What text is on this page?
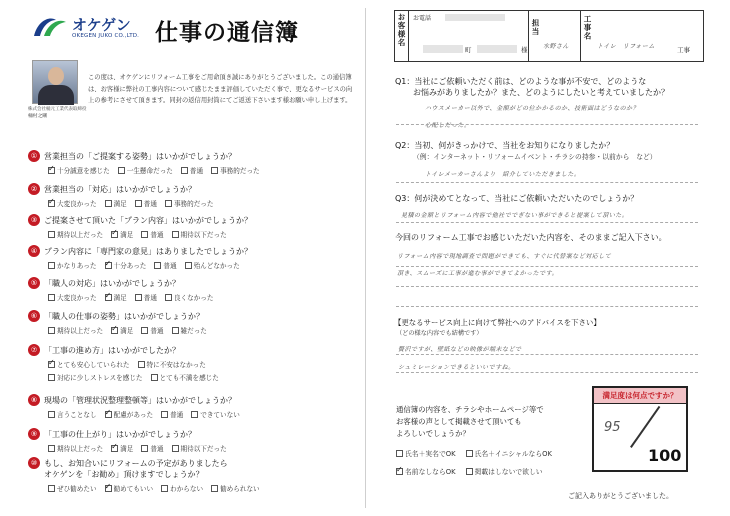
オケゲン
OKEGEN JUKO CO.,LTD. 仕事の通信簿
株式会社桶元工業代表取締役
桶村之剛
この度は、オケゲンにリフォーム工事をご用命頂き誠にありがとうございました。この通信簿は、お客様に弊社の工事内容について感じたまま評価していただく事で、更なるサービスの向上の参考にさせて頂きます。同封の返信用封筒にてご返送下さいます様お願い申し上げます。
① 営業担当の「ご提案する姿勢」はいかがでしょうか？
✓
十分誠意を感じた	一生懸命だった	普通	事務的だった
② 営業担当の「対応」はいかがでしょうか？
✓
大変良かった	満足	普通	事務的だった
③ ご提案させて頂いた「プラン内容」はいかがでしょうか？
期待以上だった ✓	満足	普通	期待以下だった
④ プラン内容に「専門家の意見」はありましたでしょうか？
かなりあった ✓	十分あった	普通	殆んどなかった
⑤ 「職人の対応」はいかがでしょうか？
大変良かった ✓	満足	普通	良くなかった
⑥ 「職人の仕事の姿勢」はいかがでしょうか？
期待以上だった ✓	満足	普通	雑だった
⑦ 「工事の進め方」はいかがでしたか？
✓
とても安心していられた	特に不安はなかった
対応に少しストレスを感じた	とても不満を感じた
⑧ 現場の「管理状況整理整頓等」はいかがでしょうか？
言うことなし ✓	配慮があった	普通	できていない
⑨ 「工事の仕上がり」はいかがでしょうか？
期待以上だった ✓	満足	普通	期待以下だった
⑩ もし、お知合いにリフォームの予定がありましたら
オケゲンを「お勧め」頂けますでしょうか？
ぜひ勧めたい ✓	勧めてもいい	わからない	勧められない
お客様名	お電話
町	様
担当
水野さん
工事名
トイレ　リフォーム	工事
Q1：当社にご依頼いただく前は、どのような事が不安で、どのような
お悩みがありましたか？また、どのようにしたいと考えていましたか？
ハウスメーカー以外で、金額がどの位かかるのか、技術面はどうなのか？
心配しだった。
Q2：当初、何がきっかけで、当社をお知りになりましたか？
（例：インターネット・リフォームイベント・チラシの持参・以前から　など）
トイレメーカーさんより　紹介していただきました。
Q3：何が決めてとなって、当社にご依頼いただいたのでしょうか？
見積の金額とリフォーム内容で他社ででぎない事ができると提案して頂いた。
今回のリフォーム工事でお感じいただいた内容を、そのままご記入下さい。
リフォーム内容で現地調査で問題ができても、すぐに代替案など対応して
頂き、スムーズに工事が進む事ができてよかったです。
【更なるサービス向上に向けて弊社へのアドバイスを下さい】
（どの様な内容でも結構です）
贅沢ですが、壁紙などの映像が端末などで
シュミレーションできるといいですね。
通信簿の内容を、チラシやホームページ等で
お客様の声として掲載させて頂いても
よろしいでしょうか？
氏名＋実名でOK	氏名＋イニシャルならOK
✓
名前なしならOK	掲載はしないで欲しい
満足度は何点ですか？
95
100
ご記入ありがとうございました。
